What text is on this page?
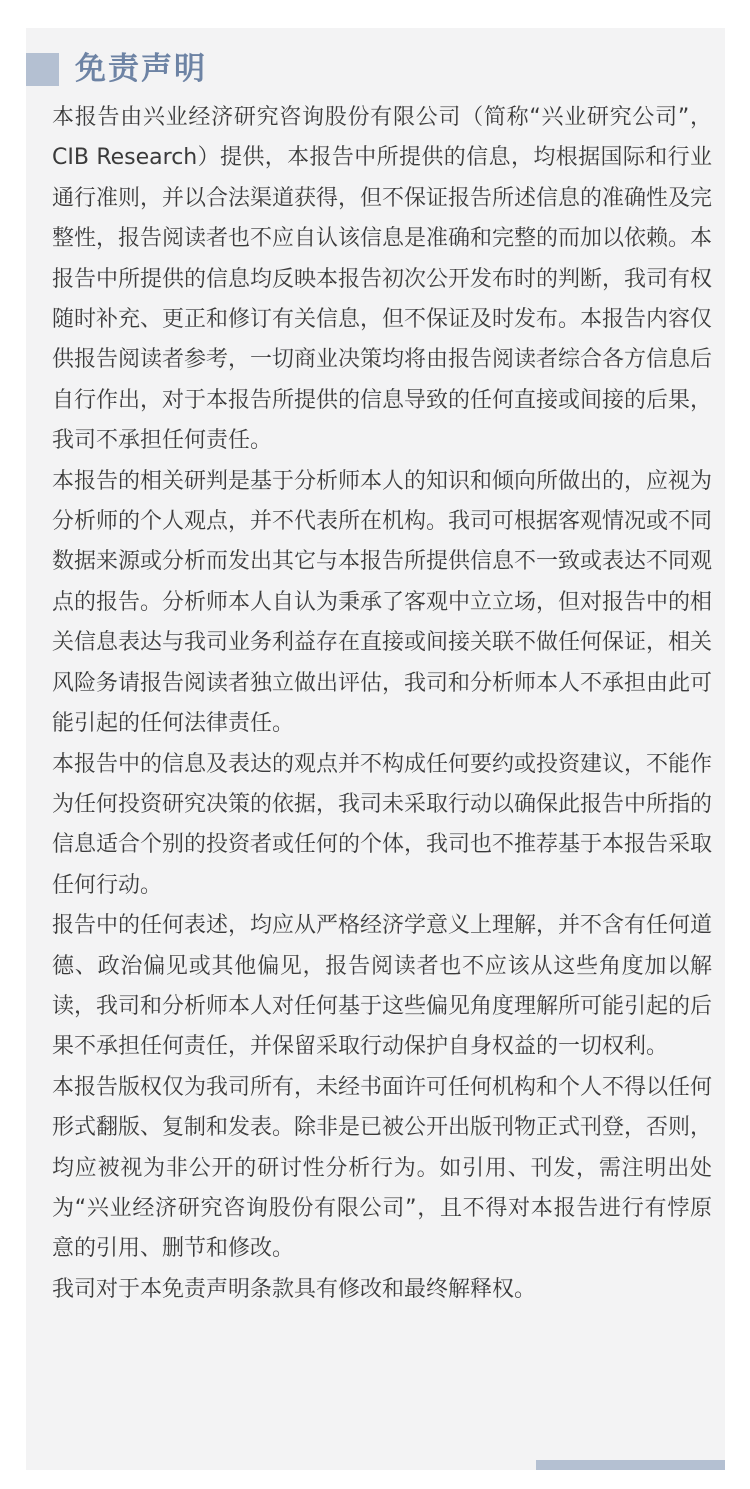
免责声明

本报告由兴业经济研究咨询股份有限公司（简称“兴业研究公司”，CIB Research）提供，本报告中所提供的信息，均根据国际和行业通行准则，并以合法渠道获得，但不保证报告所述信息的准确性及完整性，报告阅读者也不应自认该信息是准确和完整的而加以依赖。本报告中所提供的信息均反映本报告初次公开发布时的判断，我司有权随时补充、更正和修订有关信息，但不保证及时发布。本报告内容仅供报告阅读者参考，一切商业决策均将由报告阅读者综合各方信息后自行作出，对于本报告所提供的信息导致的任何直接或间接的后果，我司不承担任何责任。

本报告的相关研判是基于分析师本人的知识和倾向所做出的，应视为分析师的个人观点，并不代表所在机构。我司可根据客观情况或不同数据来源或分析而发出其它与本报告所提供信息不一致或表达不同观点的报告。分析师本人自认为秉承了客观中立立场，但对报告中的相关信息表达与我司业务利益存在直接或间接关联不做任何保证，相关风险务请报告阅读者独立做出评估，我司和分析师本人不承担由此可能引起的任何法律责任。

本报告中的信息及表达的观点并不构成任何要约或投资建议，不能作为任何投资研究决策的依据，我司未采取行动以确保此报告中所指的信息适合个别的投资者或任何的个体，我司也不推荐基于本报告采取任何行动。

报告中的任何表述，均应从严格经济学意义上理解，并不含有任何道德、政治偏见或其他偏见，报告阅读者也不应该从这些角度加以解读，我司和分析师本人对任何基于这些偏见角度理解所可能引起的后果不承担任何责任，并保留采取行动保护自身权益的一切权利。

本报告版权仅为我司所有，未经书面许可任何机构和个人不得以任何形式翻版、复制和发表。除非是已被公开出版刊物正式刊登，否则，均应被视为非公开的研讨性分析行为。如引用、刊发，需注明出处为“兴业经济研究咨询股份有限公司”，且不得对本报告进行有悖原意的引用、删节和修改。

我司对于本免责声明条款具有修改和最终解释权。
